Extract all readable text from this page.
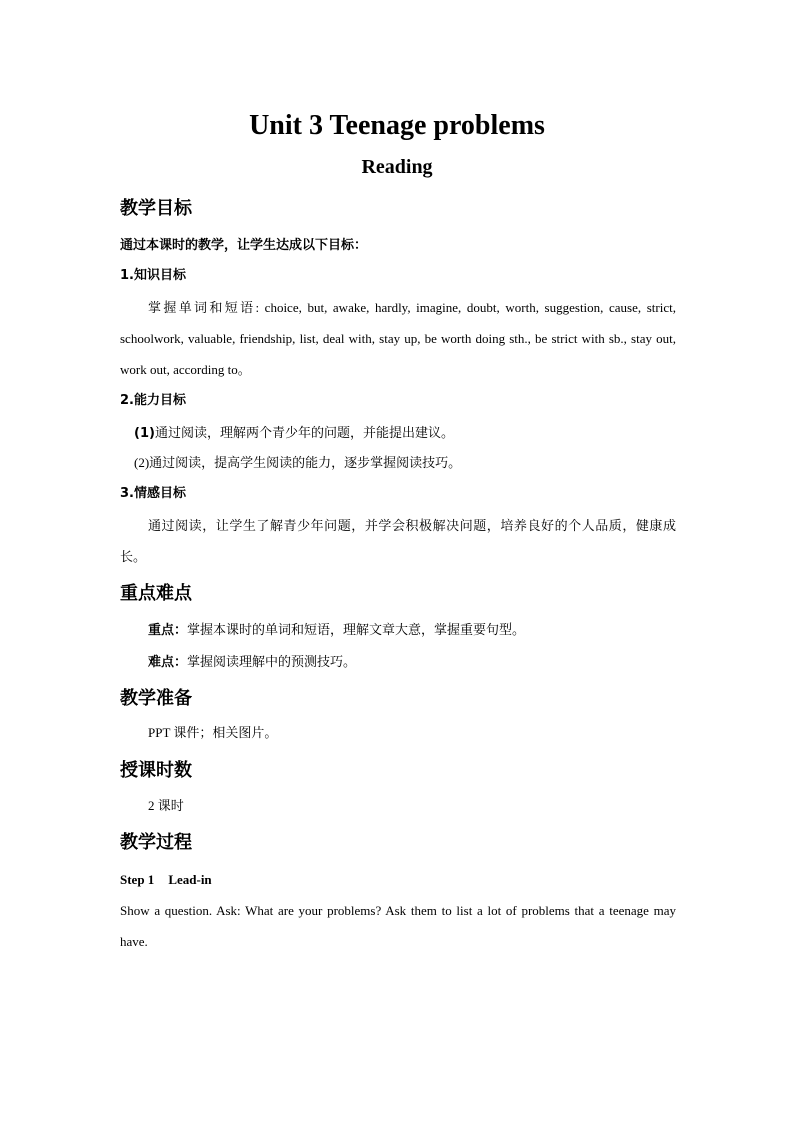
Unit 3 Teenage problems
Reading
教学目标
通过本课时的教学，让学生达成以下目标：
1.知识目标
掌握单词和短语: choice, but, awake, hardly, imagine, doubt, worth, suggestion, cause, strict, schoolwork, valuable, friendship, list, deal with, stay up, be worth doing sth., be strict with sb., stay out, work out, according to。
2.能力目标
(1)通过阅读，理解两个青少年的问题，并能提出建议。
(2)通过阅读，提高学生阅读的能力，逐步掌握阅读技巧。
3.情感目标
通过阅读，让学生了解青少年问题，并学会积极解决问题，培养良好的个人品质，健康成长。
重点难点
重点：掌握本课时的单词和短语，理解文章大意，掌握重要句型。
难点：掌握阅读理解中的预测技巧。
教学准备
PPT 课件；相关图片。
授课时数
2 课时
教学过程
Step 1 Lead-in
Show a question. Ask: What are your problems? Ask them to list a lot of problems that a teenage may have.
